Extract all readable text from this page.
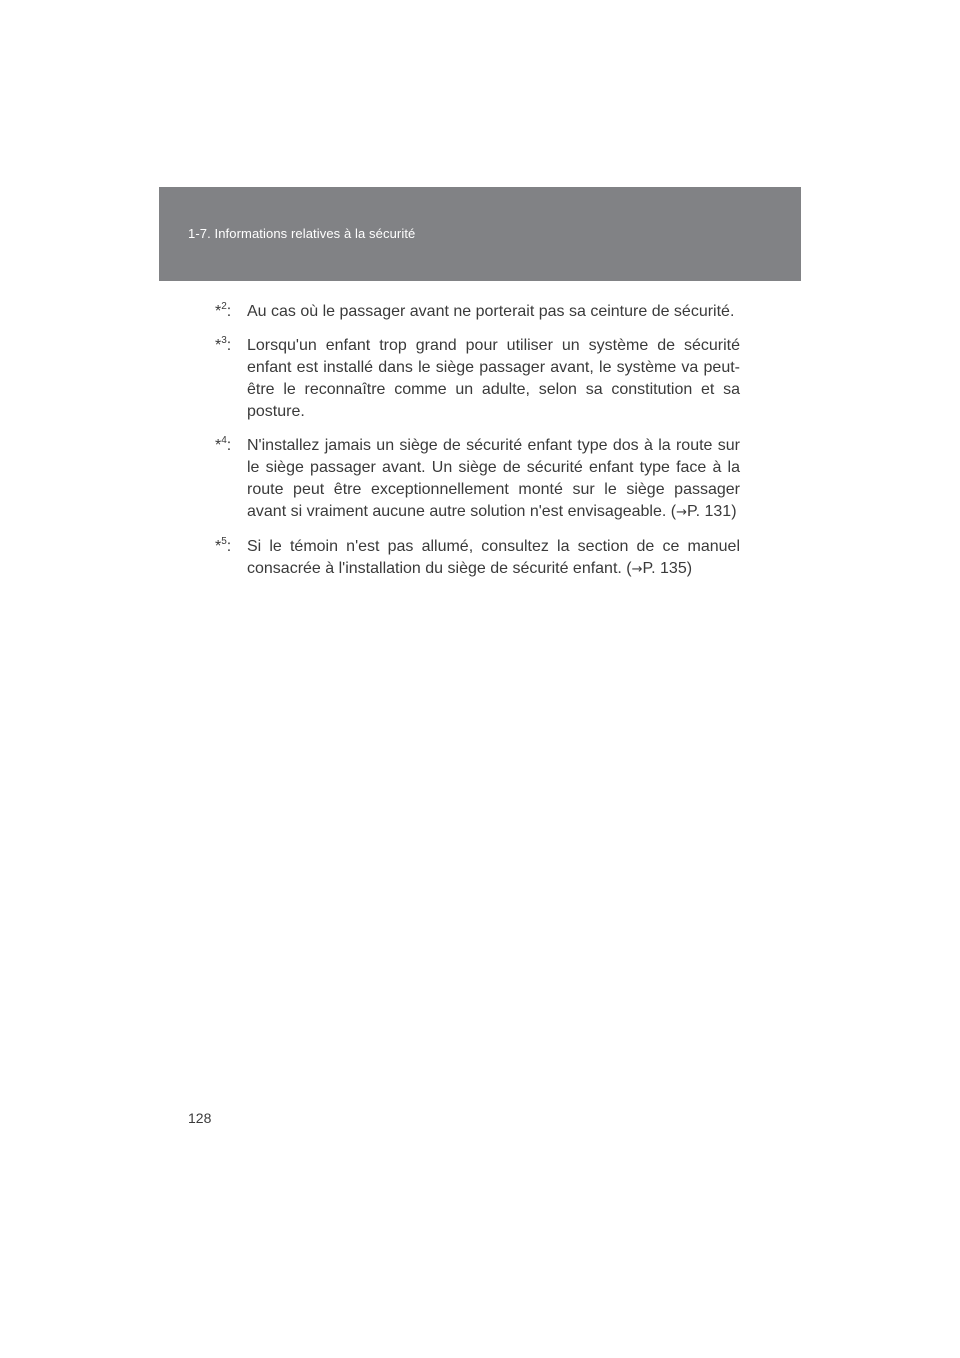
1-7. Informations relatives à la sécurité
*$^2$: Au cas où le passager avant ne porterait pas sa ceinture de sécurité.
*$^3$: Lorsqu'un enfant trop grand pour utiliser un système de sécurité enfant est installé dans le siège passager avant, le système va peut-être le reconnaître comme un adulte, selon sa constitution et sa posture.
*$^4$: N'installez jamais un siège de sécurité enfant type dos à la route sur le siège passager avant. Un siège de sécurité enfant type face à la route peut être exceptionnellement monté sur le siège passager avant si vraiment aucune autre solution n'est envisageable. (→P. 131)
*$^5$: Si le témoin n'est pas allumé, consultez la section de ce manuel consacrée à l'installation du siège de sécurité enfant. (→P. 135)
128
